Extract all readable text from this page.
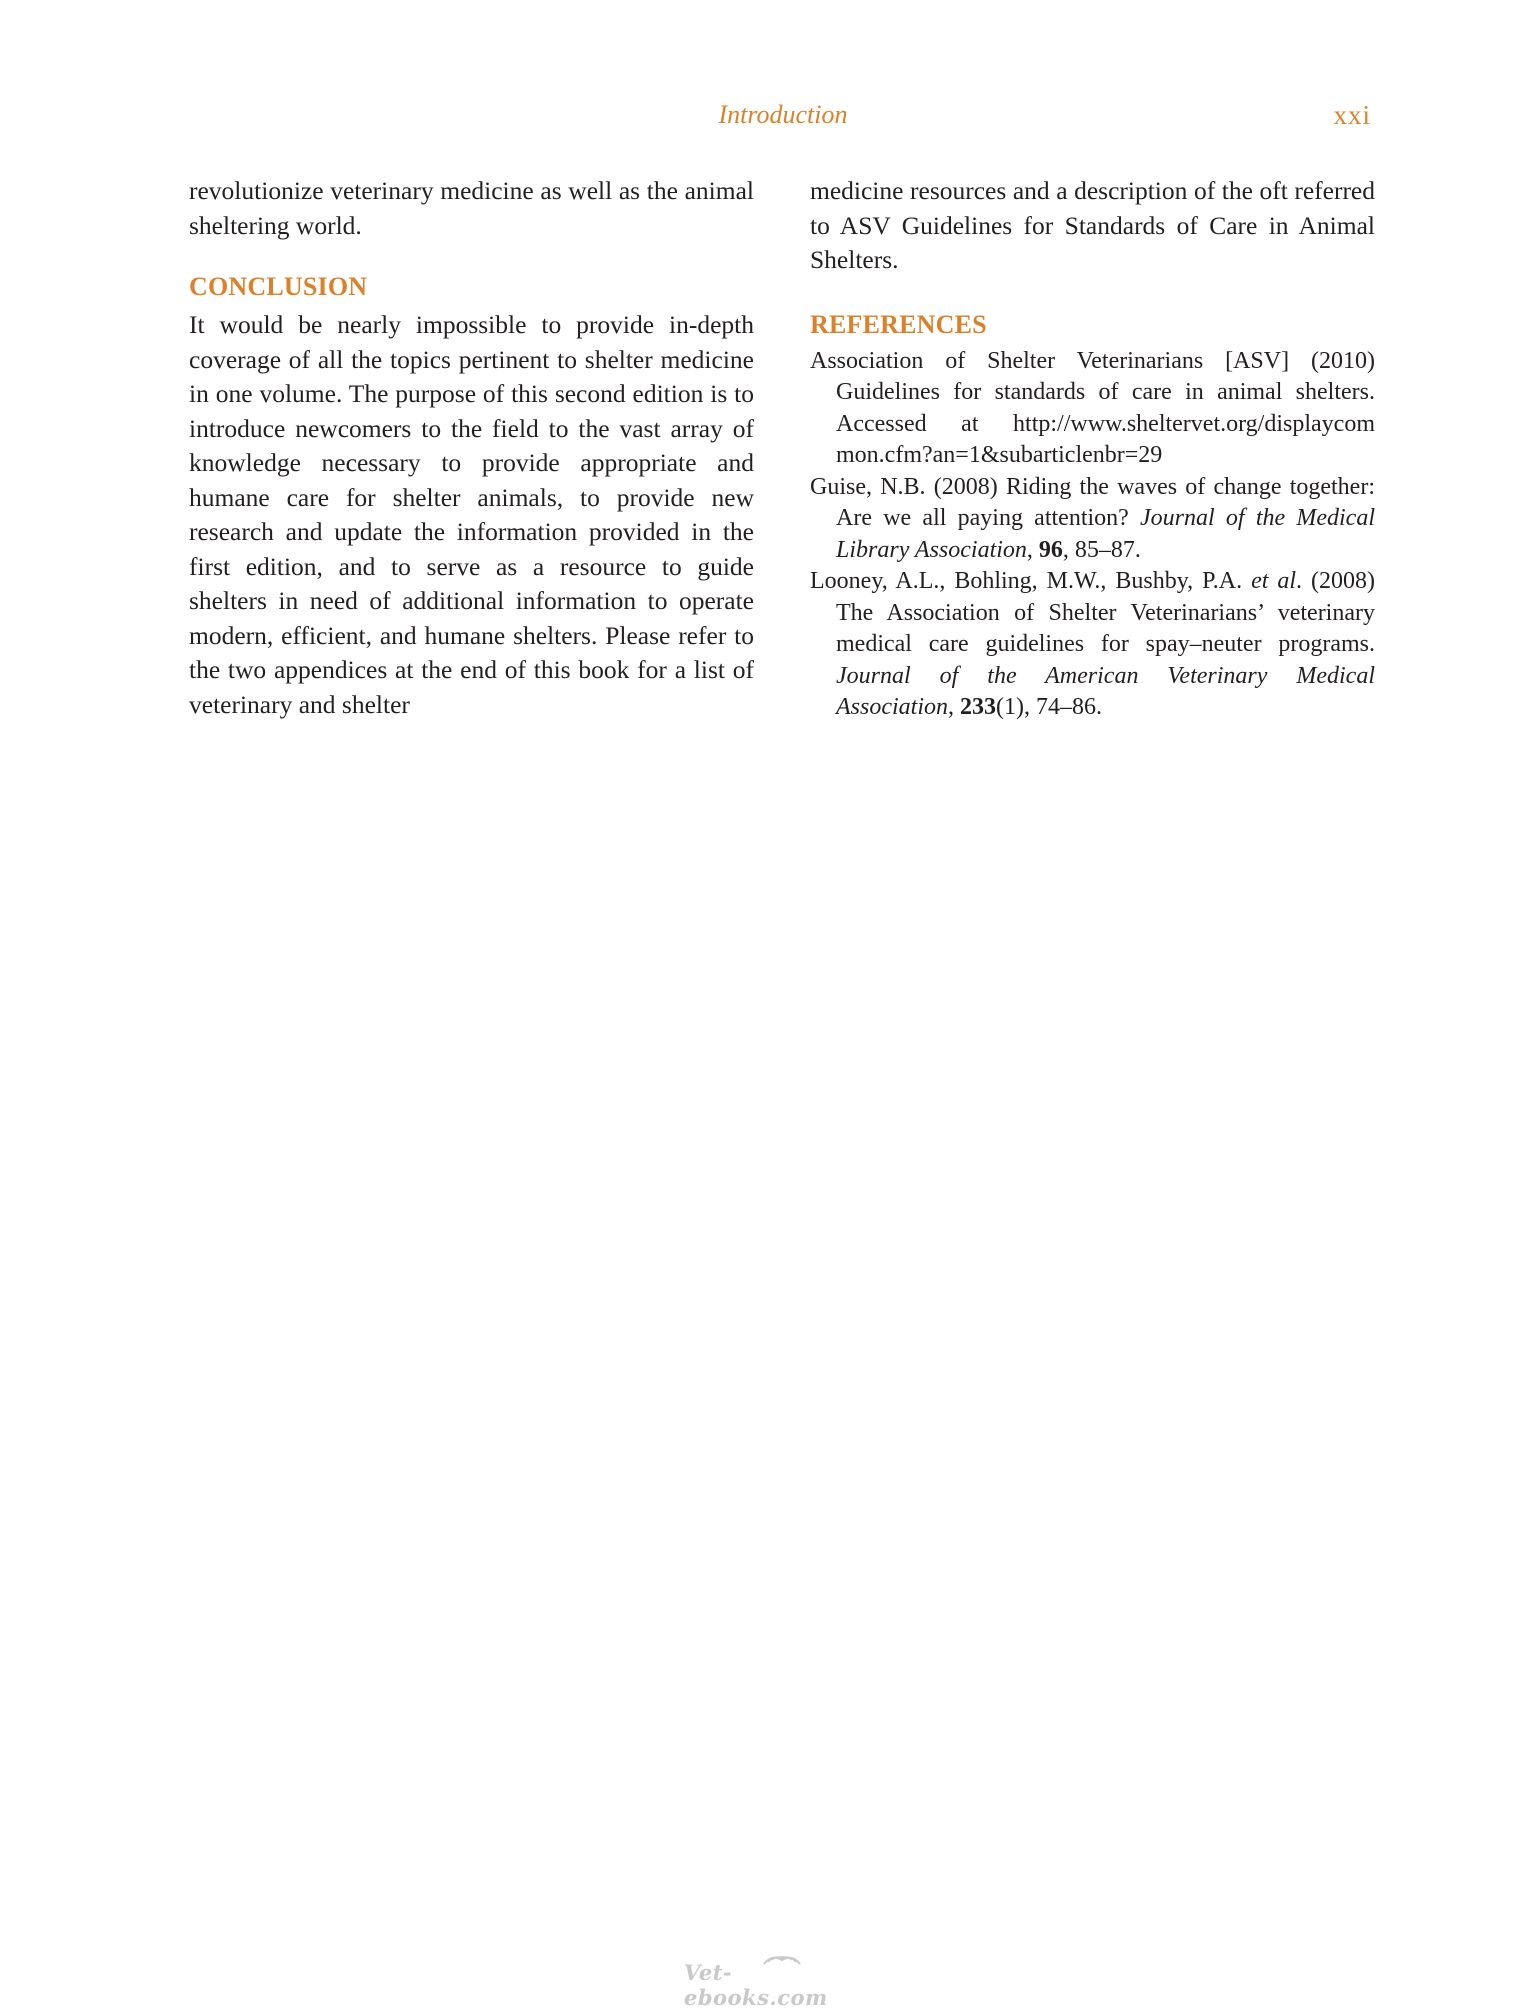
Introduction	xxi

revolutionize veterinary medicine as well as the animal sheltering world.

CONCLUSION

It would be nearly impossible to provide in-depth coverage of all the topics pertinent to shelter medicine in one volume. The purpose of this second edition is to introduce newcomers to the field to the vast array of knowledge necessary to provide appropriate and humane care for shelter animals, to provide new research and update the information provided in the first edition, and to serve as a resource to guide shelters in need of additional information to operate modern, efficient, and humane shelters. Please refer to the two appendices at the end of this book for a list of veterinary and shelter

medicine resources and a description of the oft referred to ASV Guidelines for Standards of Care in Animal Shelters.

REFERENCES
Association of Shelter Veterinarians [ASV] (2010) Guidelines for standards of care in animal shelters. Accessed at http://www.sheltervet.org/displaycom​mon.cfm?an=1&subarticlenbr=29
Guise, N.B. (2008) Riding the waves of change together: Are we all paying attention? Journal of the Medical Library Association, 96, 85–87.
Looney, A.L., Bohling, M.W., Bushby, P.A. et al. (2008) The Association of Shelter Veterinarians’ veterinary medical care guidelines for spay–neuter programs. Journal of the American Veterinary Medical Association, 233(1), 74–86.
Vet-ebooks.com
